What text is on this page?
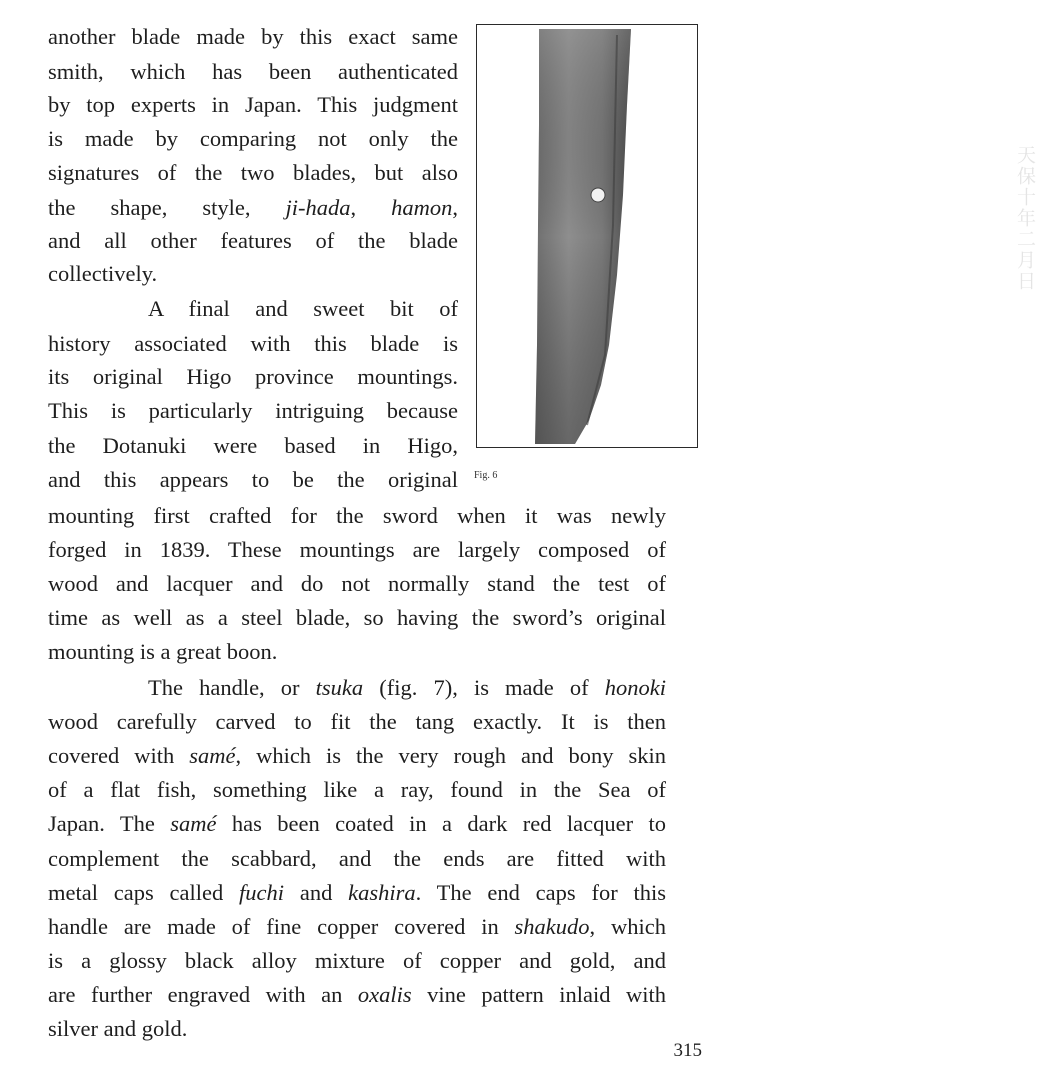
天保十年二月日
Fig. 6

another blade made by this exact same

smith, which has been authenticated

by top experts in Japan. This judgment

is made by comparing not only the

signatures of the two blades, but also

the shape, style, ji-hada, hamon,

and all other features of the blade

collectively.

A final and sweet bit of

history associated with this blade is

its original Higo province mountings.

This is particularly intriguing because

the Dotanuki were based in Higo,

and this appears to be the original

mounting first crafted for the sword when it was newly

forged in 1839. These mountings are largely composed of

wood and lacquer and do not normally stand the test of

time as well as a steel blade, so having the sword’s original

mounting is a great boon.

The handle, or tsuka (fig. 7), is made of honoki

wood carefully carved to fit the tang exactly. It is then

covered with samé, which is the very rough and bony skin

of a flat fish, something like a ray, found in the Sea of

Japan. The samé has been coated in a dark red lacquer to

complement the scabbard, and the ends are fitted with

metal caps called fuchi and kashira. The end caps for this

handle are made of fine copper covered in shakudo, which

is a glossy black alloy mixture of copper and gold, and

are further engraved with an oxalis vine pattern inlaid with

silver and gold.

315
